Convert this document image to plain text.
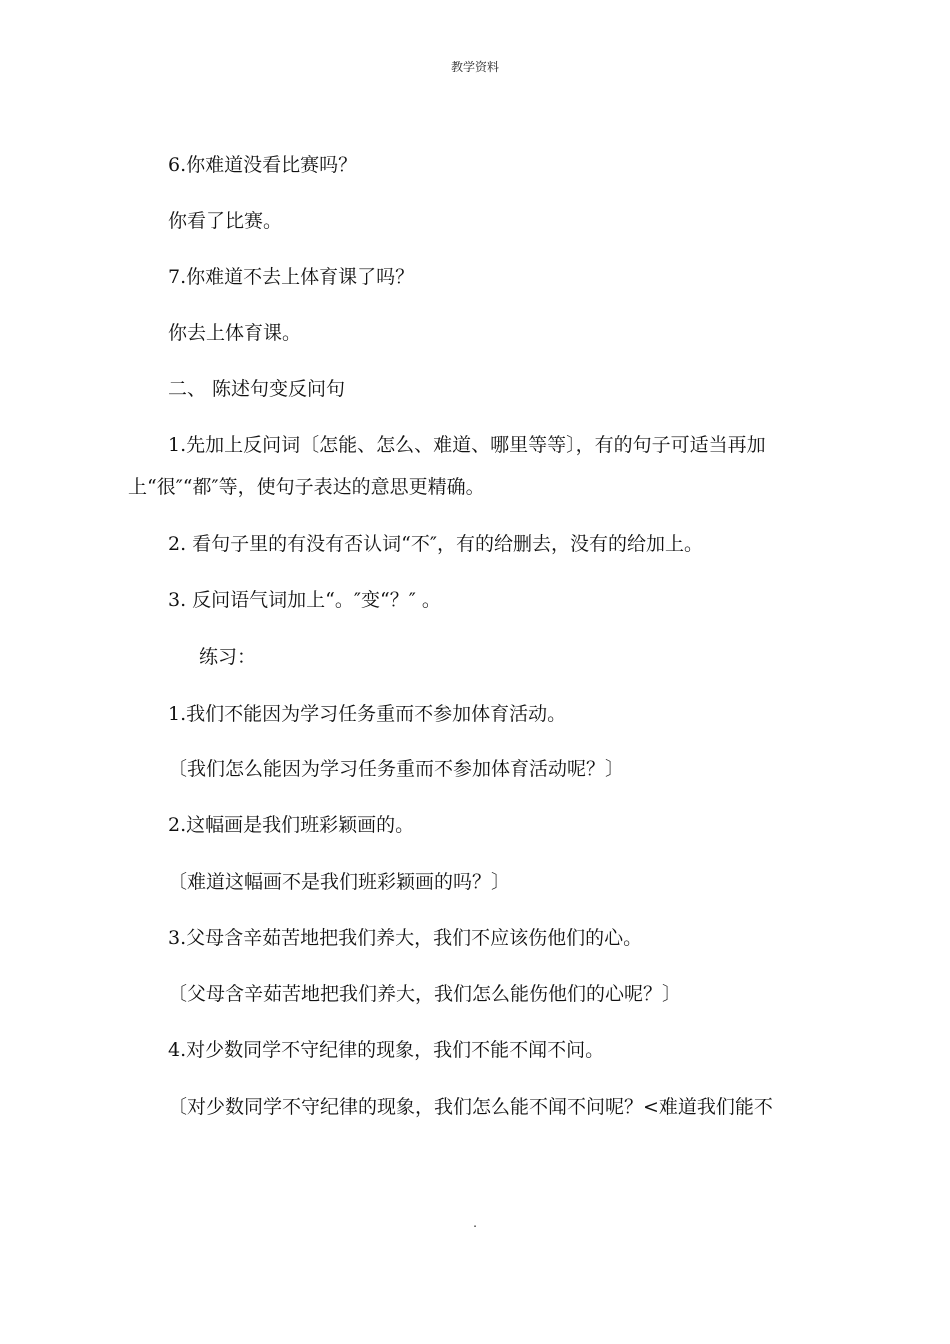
教学资料
6.你难道没看比赛吗？
你看了比赛。
7.你难道不去上体育课了吗？
你去上体育课。
二、 陈述句变反问句
1.先加上反问词〔怎能、怎么、难道、哪里等等〕，有的句子可适当再加上“很″“都″等，使句子表达的意思更精确。
2. 看句子里的有没有否认词“不″，有的给删去，没有的给加上。
3. 反问语气词加上“。″变“？″ 。
练习：
1.我们不能因为学习任务重而不参加体育活动。
〔我们怎么能因为学习任务重而不参加体育活动呢？〕
2.这幅画是我们班彩颖画的。
〔难道这幅画不是我们班彩颖画的吗？〕
3.父母含辛茹苦地把我们养大，我们不应该伤他们的心。
〔父母含辛茹苦地把我们养大，我们怎么能伤他们的心呢？〕
4.对少数同学不守纪律的现象，我们不能不闻不问。
〔对少数同学不守纪律的现象，我们怎么能不闻不问呢？<难道我们能不
.
